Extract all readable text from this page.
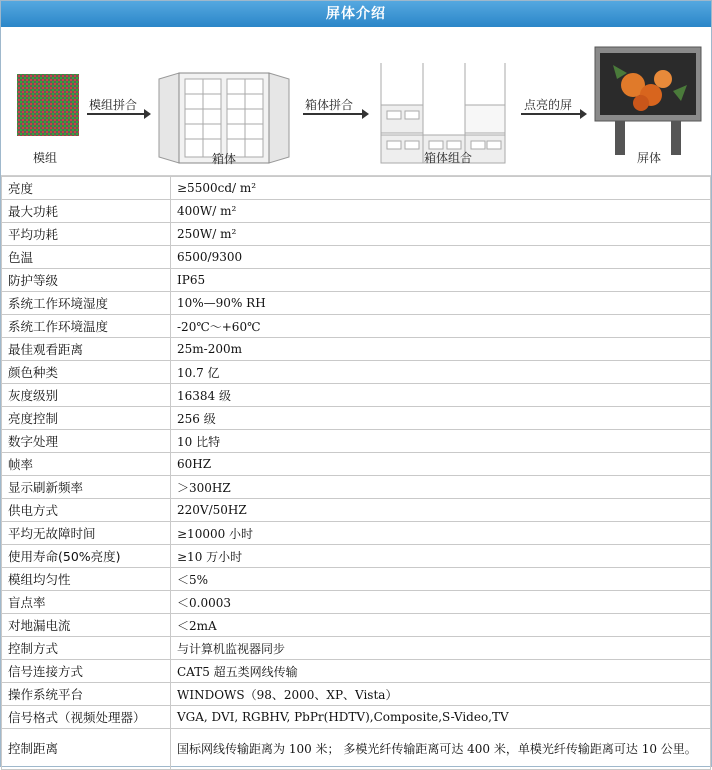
屏体介绍
模组
模组拼合
箱体
箱体拼合
箱体组合
点亮的屏
屏体
亮度	≥5500cd/ m²
最大功耗	400W/ m²
平均功耗	250W/ m²
色温	6500/9300
防护等级	IP65
系统工作环境湿度	10%—90% RH
系统工作环境温度	-20℃～+60℃
最佳观看距离	25m-200m
颜色种类	10.7 亿
灰度级别	16384 级
亮度控制	256 级
数字处理	10 比特
帧率	60HZ
显示刷新频率	＞300HZ
供电方式	220V/50HZ
平均无故障时间	≥10000 小时
使用寿命(50%亮度)	≥10 万小时
模组均匀性	＜5%
盲点率	＜0.0003
对地漏电流	＜2mA
控制方式	与计算机监视器同步
信号连接方式	CAT5 超五类网线传输
操作系统平台	WINDOWS（98、2000、XP、Vista）
信号格式（视频处理器）	VGA, DVI, RGBHV, PbPr(HDTV),Composite,S-Video,TV
控制距离	国标网线传输距离为 100 米； 多模光纤传输距离可达 400 米，单模光纤传输距离可达 10 公里。
